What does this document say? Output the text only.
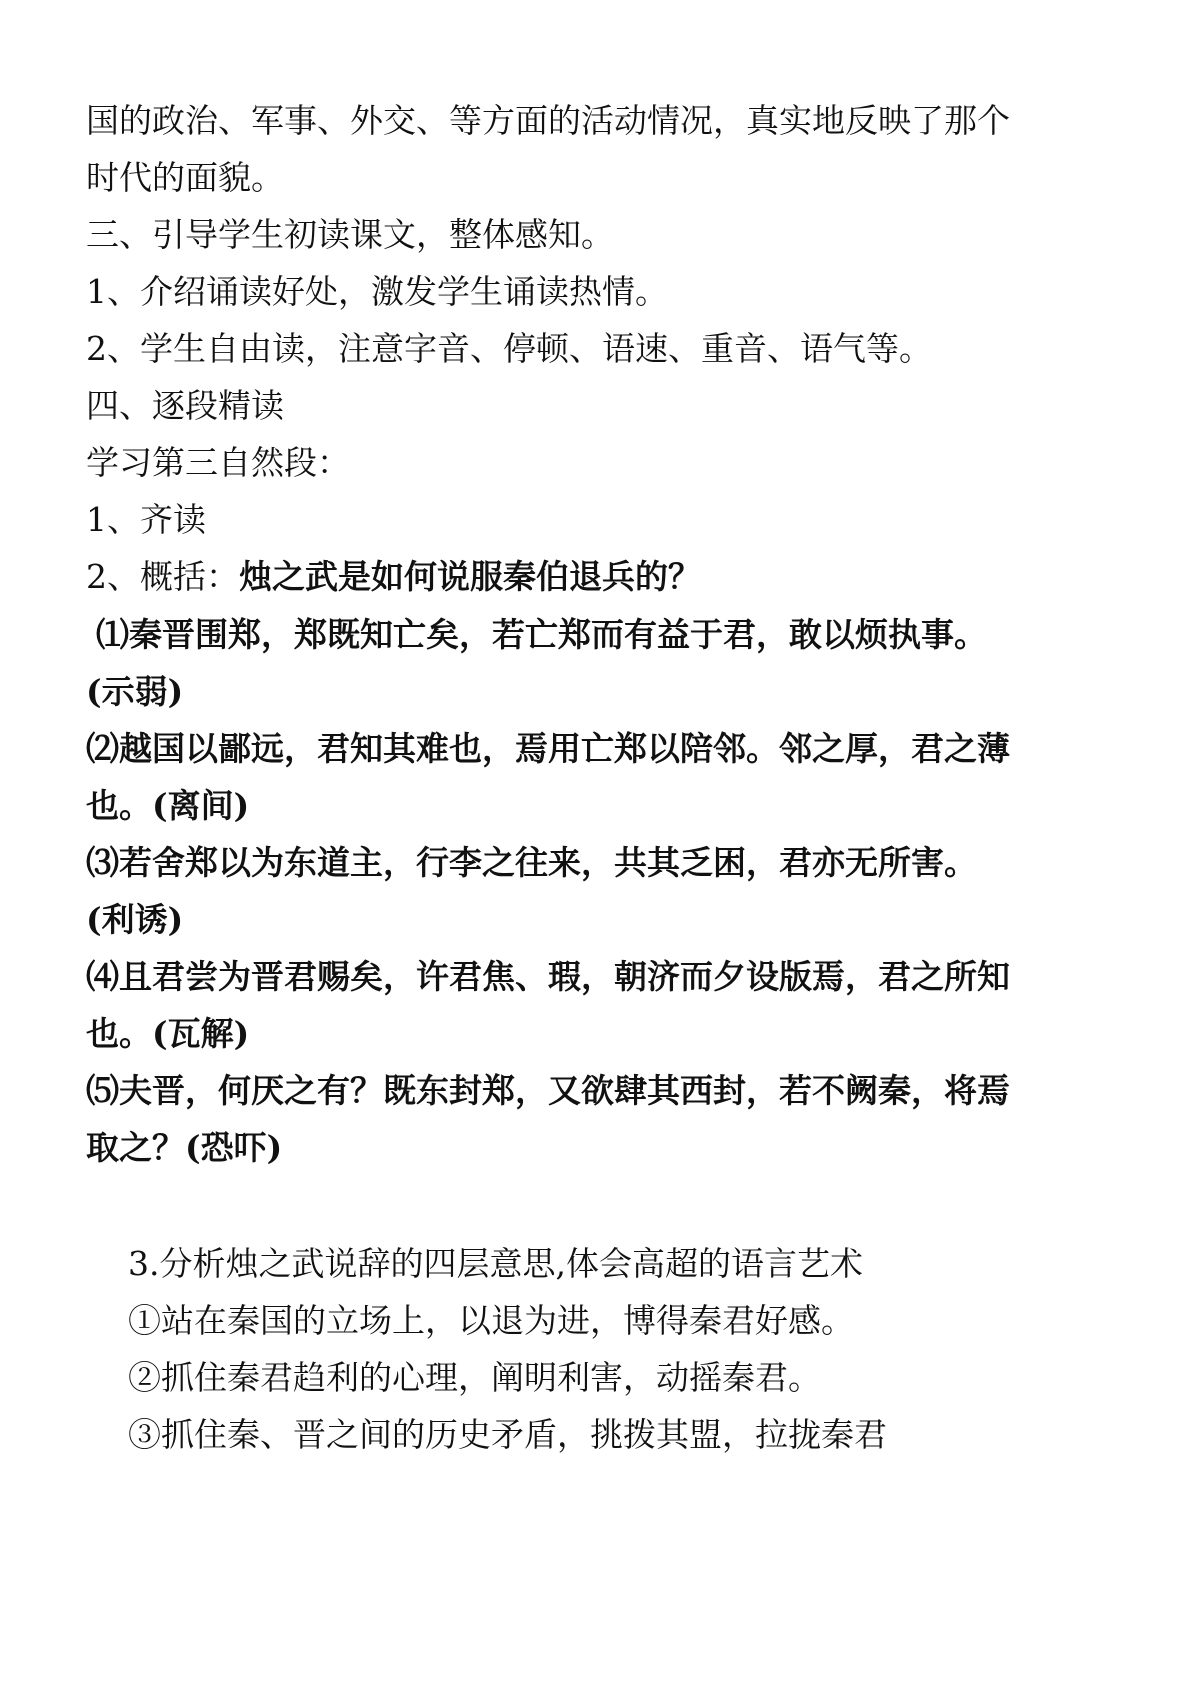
国的政治、军事、外交、等方面的活动情况，真实地反映了那个
时代的面貌。
三、引导学生初读课文，整体感知。
1、介绍诵读好处，激发学生诵读热情。
2、学生自由读，注意字音、停顿、语速、重音、语气等。
四、逐段精读
学习第三自然段：
1、齐读
2、概括：烛之武是如何说服秦伯退兵的？
⑴秦晋围郑，郑既知亡矣，若亡郑而有益于君，敢以烦执事。
(示弱)
⑵越国以鄙远，君知其难也，焉用亡郑以陪邻。邻之厚，君之薄
也。(离间)
⑶若舍郑以为东道主，行李之往来，共其乏困，君亦无所害。
(利诱)
⑷且君尝为晋君赐矣，许君焦、瑕，朝济而夕设版焉，君之所知
也。(瓦解)
⑸夫晋，何厌之有？既东封郑，又欲肆其西封，若不阙秦，将焉
取之？(恐吓)
3.分析烛之武说辞的四层意思,体会高超的语言艺术
①站在秦国的立场上，以退为进，博得秦君好感。
②抓住秦君趋利的心理，阐明利害，动摇秦君。
③抓住秦、晋之间的历史矛盾，挑拨其盟，拉拢秦君
